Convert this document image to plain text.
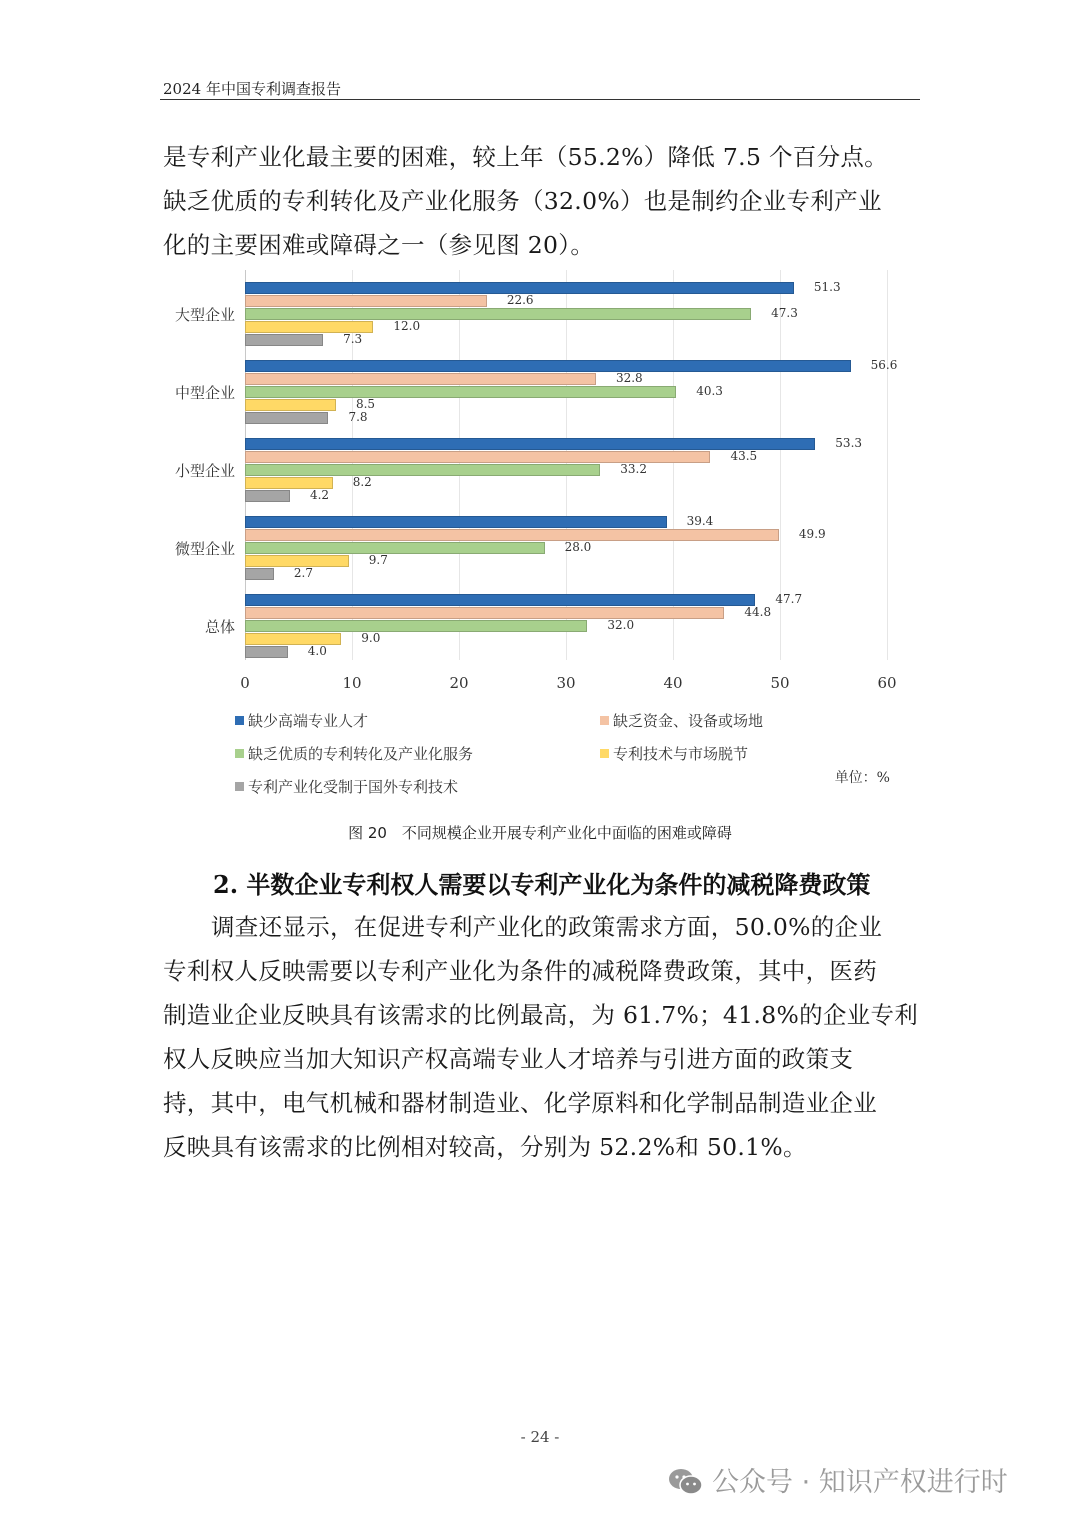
2024 年中国专利调查报告

是专利产业化最主要的困难，较上年（55.2%）降低 7.5 个百分点。

缺乏优质的专利转化及产业化服务（32.0%）也是制约企业专利产业

化的主要困难或障碍之一（参见图 20）。

51.3
22.6
47.3
12.0
7.3
56.6
32.8
40.3
8.5
7.8
53.3
43.5
33.2
8.2
4.2
39.4
49.9
28.0
9.7
2.7
47.7
44.8
32.0
9.0
4.0
大型企业
中型企业
小型企业
微型企业
总体
0	10	20	30	40	50	60
缺少高端专业人才	缺乏资金、设备或场地
缺乏优质的专利转化及产业化服务	专利技术与市场脱节
专利产业化受制于国外专利技术	单位：%
图 20　不同规模企业开展专利产业化中面临的困难或障碍
2. 半数企业专利权人需要以专利产业化为条件的减税降费政策

调查还显示，在促进专利产业化的政策需求方面，50.0%的企业

专利权人反映需要以专利产业化为条件的减税降费政策，其中，医药

制造业企业反映具有该需求的比例最高，为 61.7%；41.8%的企业专利

权人反映应当加大知识产权高端专业人才培养与引进方面的政策支

持，其中，电气机械和器材制造业、化学原料和化学制品制造业企业

反映具有该需求的比例相对较高，分别为 52.2%和 50.1%。

- 24 -
公众号 · 知识产权进行时
